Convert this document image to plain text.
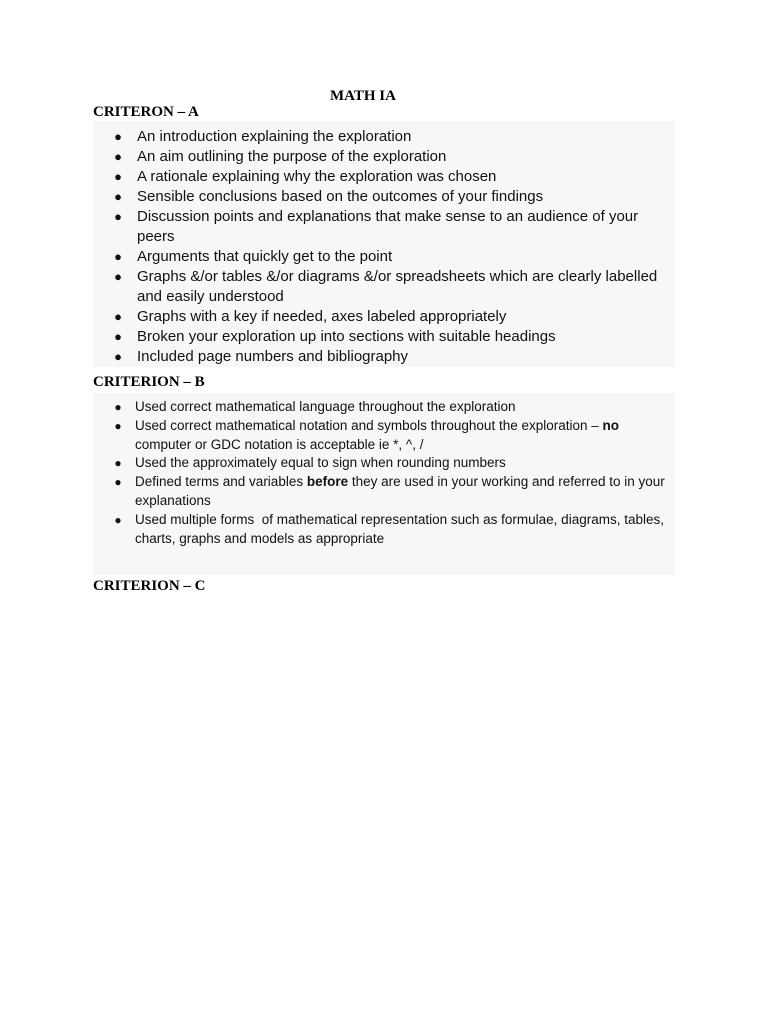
MATH IA
CRITERON – A
● An introduction explaining the exploration
● An aim outlining the purpose of the exploration
● A rationale explaining why the exploration was chosen
● Sensible conclusions based on the outcomes of your findings
● Discussion points and explanations that make sense to an audience of your peers
● Arguments that quickly get to the point
● Graphs &/or tables &/or diagrams &/or spreadsheets which are clearly labelled and easily understood
● Graphs with a key if needed, axes labeled appropriately
● Broken your exploration up into sections with suitable headings
● Included page numbers and bibliography
CRITERION – B
● Used correct mathematical language throughout the exploration
● Used correct mathematical notation and symbols throughout the exploration – no computer or GDC notation is acceptable ie *, ^, /
● Used the approximately equal to sign when rounding numbers
● Defined terms and variables before they are used in your working and referred to in your explanations
● Used multiple forms  of mathematical representation such as formulae, diagrams, tables, charts, graphs and models as appropriate
CRITERION – C
